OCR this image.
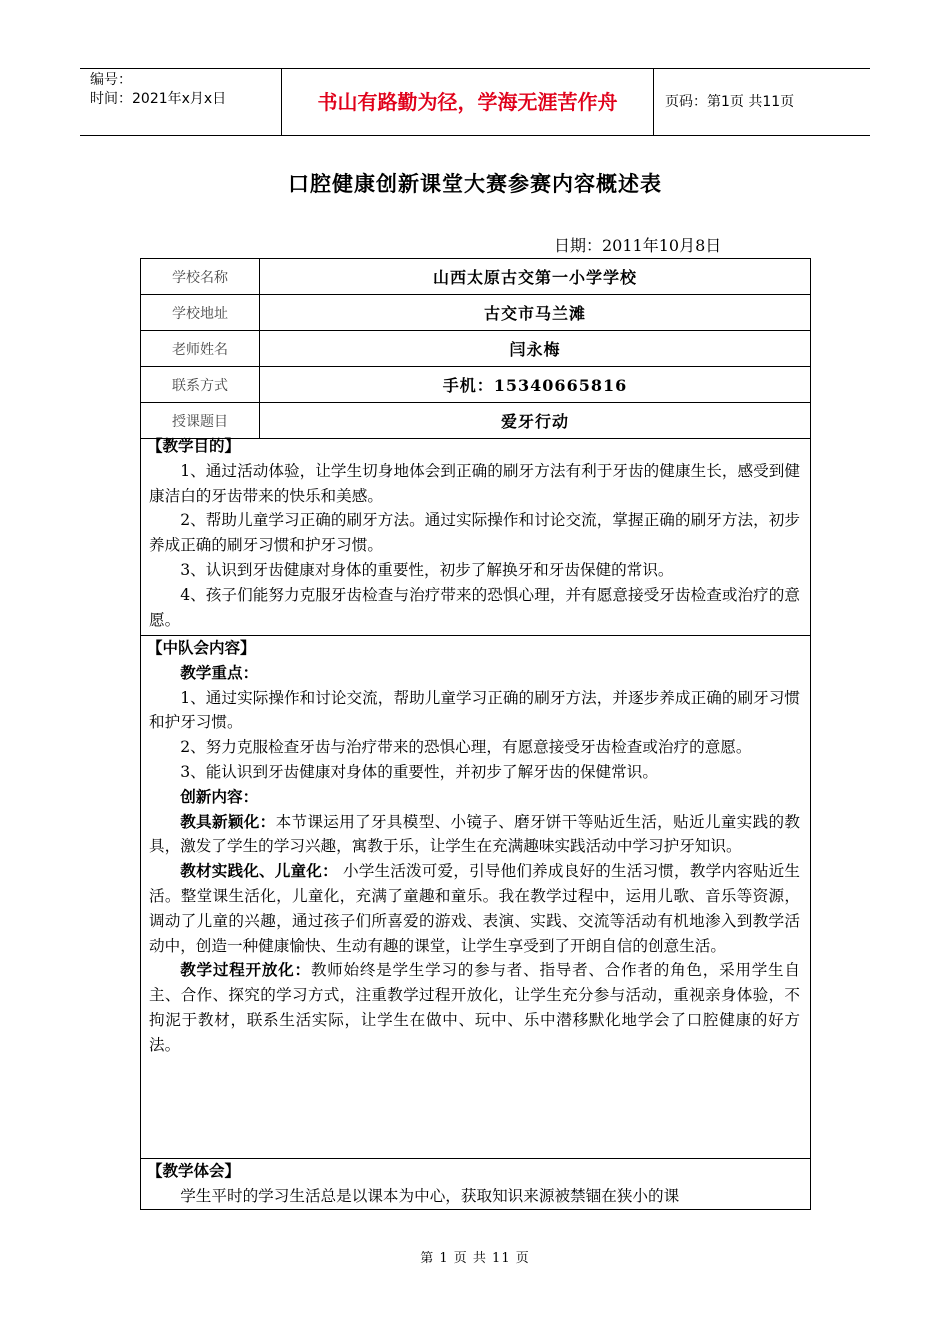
编号：
时间：2021年x月x日	书山有路勤为径，学海无涯苦作舟	页码：第1页 共11页
口腔健康创新课堂大赛参赛内容概述表
日期：2011年10月8日
学校名称	山西太原古交第一小学学校
学校地址	古交市马兰滩
老师姓名	闫永梅
联系方式	手机：15340665816
授课题目	爱牙行动
【教学目的】

1、通过活动体验，让学生切身地体会到正确的刷牙方法有利于牙齿的健康生长，感受到健康洁白的牙齿带来的快乐和美感。

2、帮助儿童学习正确的刷牙方法。通过实际操作和讨论交流，掌握正确的刷牙方法，初步养成正确的刷牙习惯和护牙习惯。

3、认识到牙齿健康对身体的重要性，初步了解换牙和牙齿保健的常识。

4、孩子们能努力克服牙齿检查与治疗带来的恐惧心理，并有愿意接受牙齿检查或治疗的意愿。

【中队会内容】

教学重点：

1、通过实际操作和讨论交流，帮助儿童学习正确的刷牙方法，并逐步养成正确的刷牙习惯和护牙习惯。

2、努力克服检查牙齿与治疗带来的恐惧心理，有愿意接受牙齿检查或治疗的意愿。

3、能认识到牙齿健康对身体的重要性，并初步了解牙齿的保健常识。

创新内容：

教具新颖化：本节课运用了牙具模型、小镜子、磨牙饼干等贴近生活，贴近儿童实践的教具，激发了学生的学习兴趣，寓教于乐，让学生在充满趣味实践活动中学习护牙知识。

教材实践化、儿童化： 小学生活泼可爱，引导他们养成良好的生活习惯，教学内容贴近生活。整堂课生活化，儿童化，充满了童趣和童乐。我在教学过程中，运用儿歌、音乐等资源，调动了儿童的兴趣，通过孩子们所喜爱的游戏、表演、实践、交流等活动有机地渗入到教学活动中，创造一种健康愉快、生动有趣的课堂，让学生享受到了开朗自信的创意生活。

教学过程开放化：教师始终是学生学习的参与者、指导者、合作者的角色，采用学生自主、合作、探究的学习方式，注重教学过程开放化，让学生充分参与活动，重视亲身体验，不拘泥于教材，联系生活实际，让学生在做中、玩中、乐中潜移默化地学会了口腔健康的好方法。

【教学体会】

学生平时的学习生活总是以课本为中心，获取知识来源被禁锢在狭小的课

第 1 页 共 11 页
